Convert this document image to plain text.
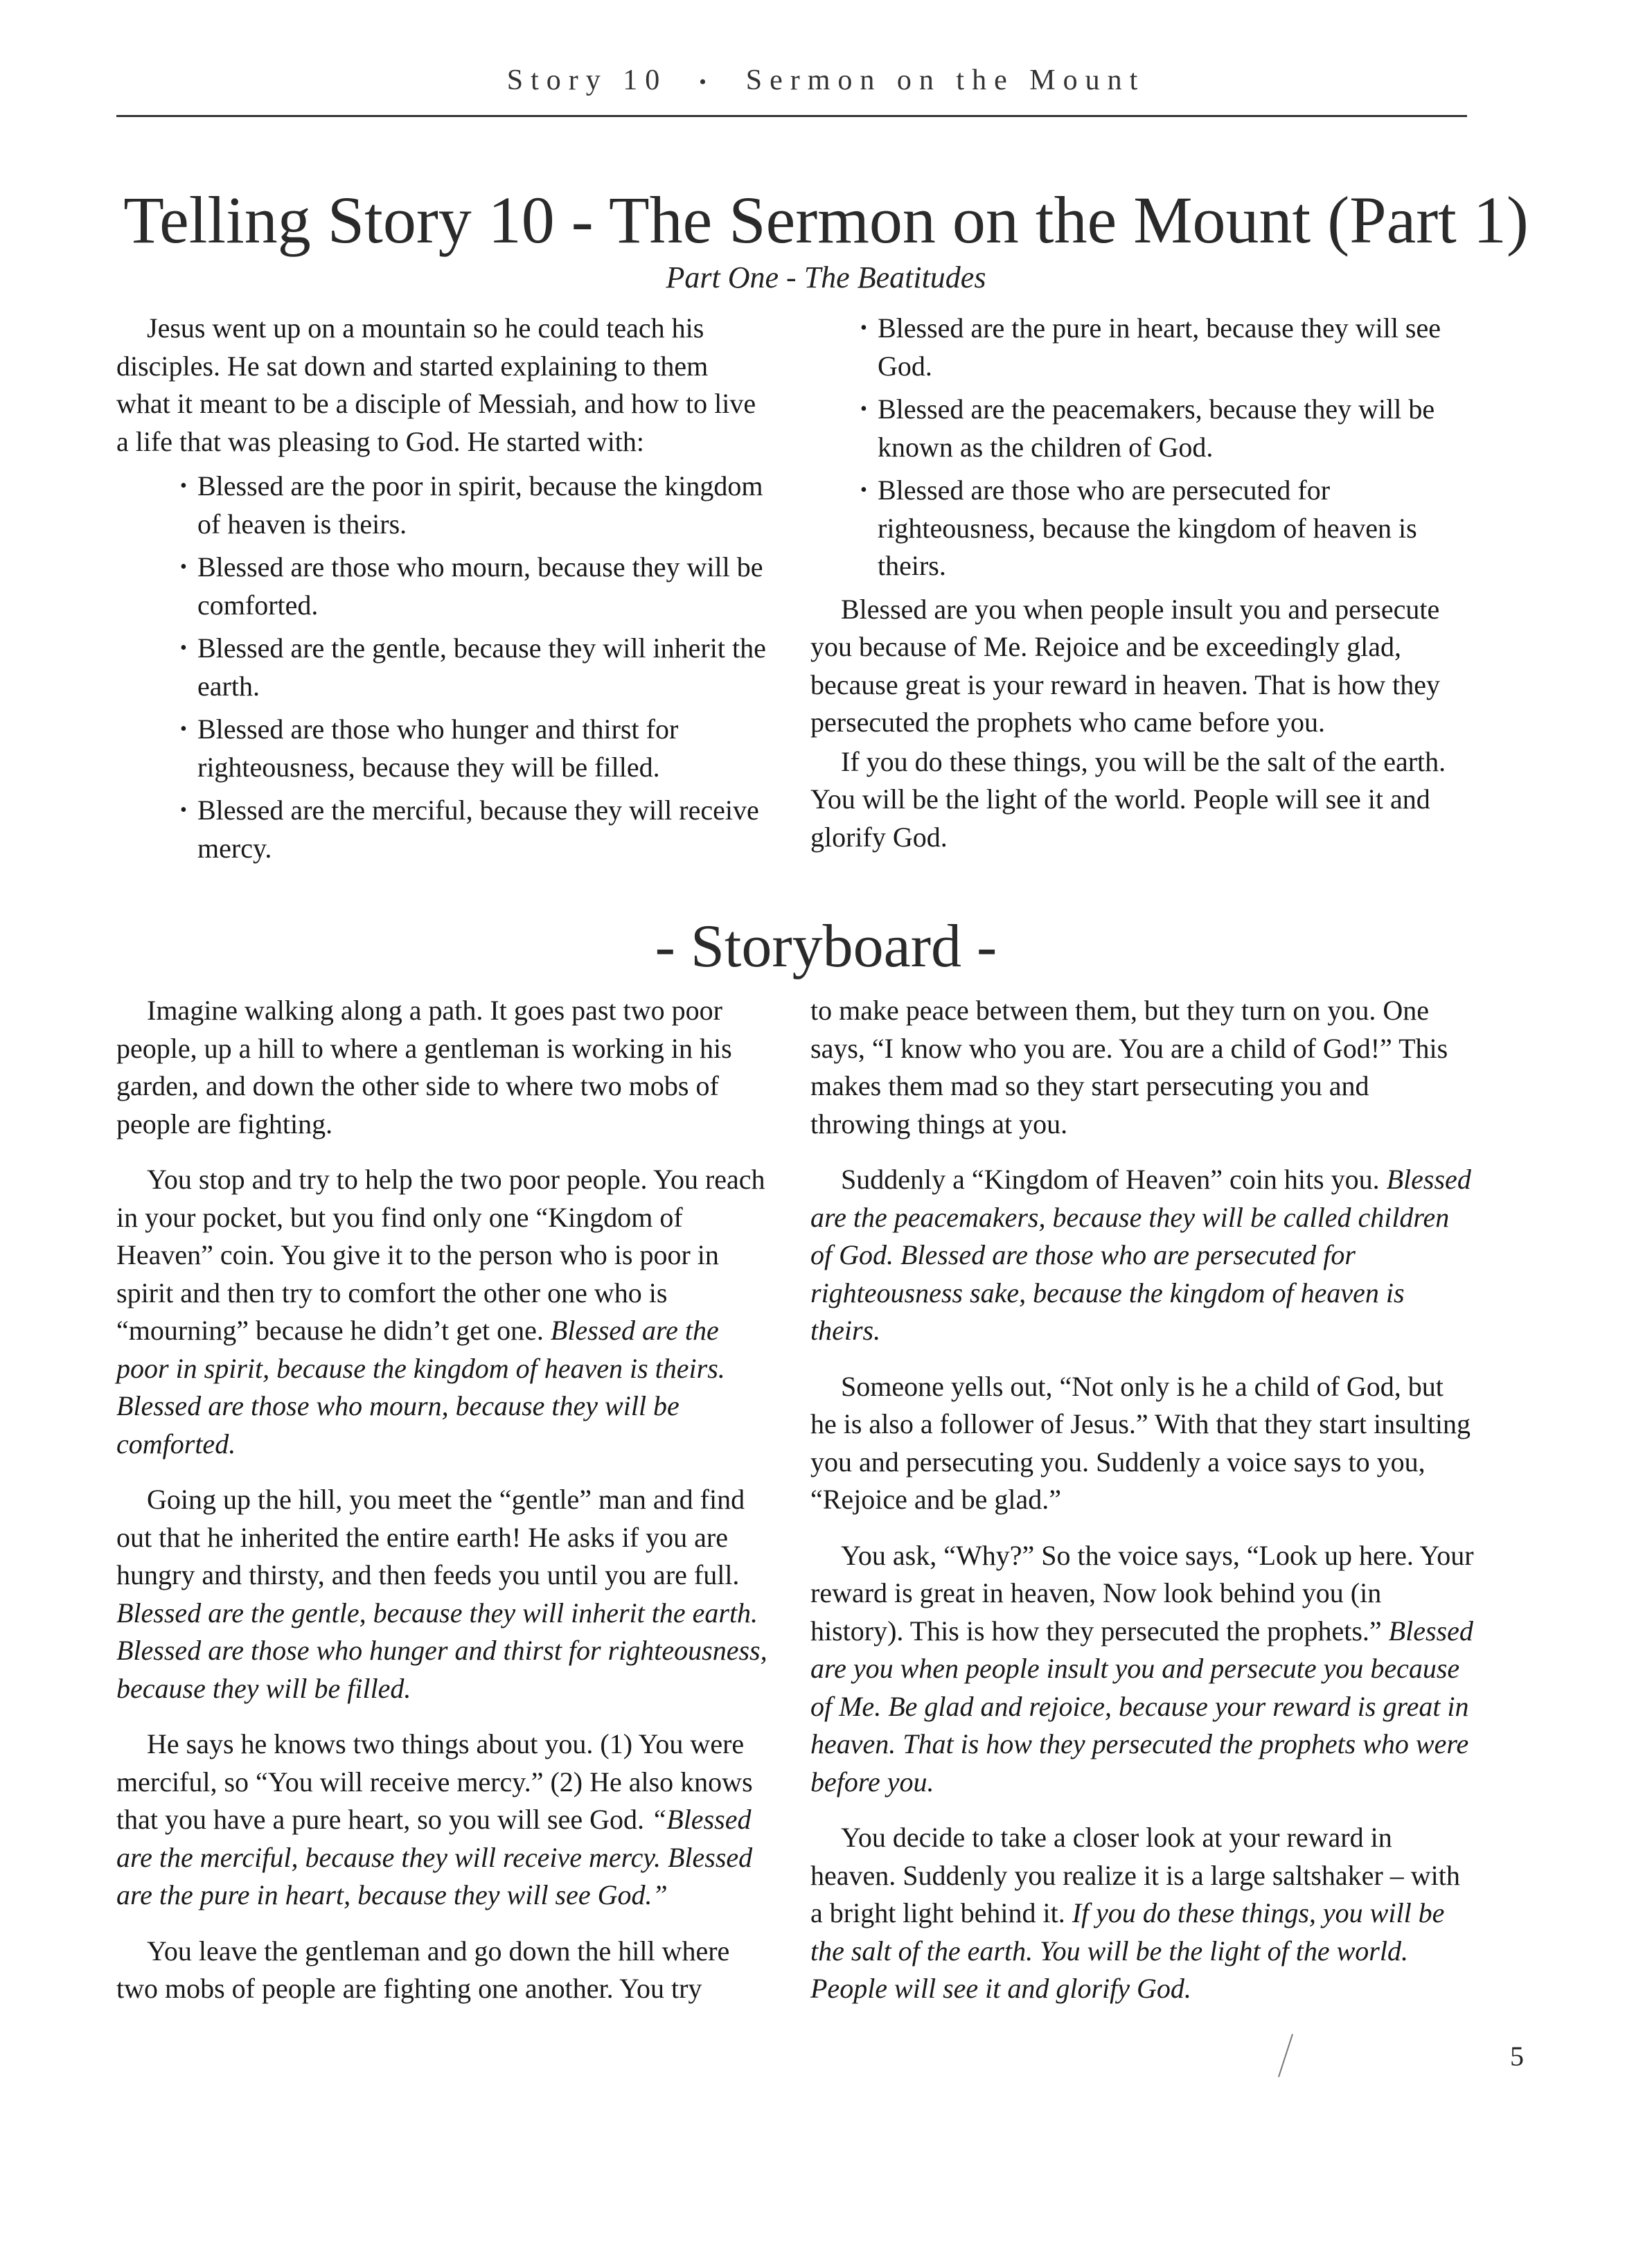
Story 10 • Sermon on the Mount
Telling Story 10 - The Sermon on the Mount (Part 1)
Part One - The Beatitudes

Jesus went up on a mountain so he could teach his disciples. He sat down and started explaining to them what it meant to be a disciple of Messiah, and how to live a life that was pleasing to God. He started with:

• Blessed are the poor in spirit, because the kingdom of heaven is theirs.
• Blessed are those who mourn, because they will be comforted.
• Blessed are the gentle, because they will inherit the earth.
• Blessed are those who hunger and thirst for righteousness, because they will be filled.
• Blessed are the merciful, because they will receive mercy.
• Blessed are the pure in heart, because they will see God.
• Blessed are the peacemakers, because they will be known as the children of God.
• Blessed are those who are persecuted for righteousness, because the kingdom of heaven is theirs.

Blessed are you when people insult you and persecute you because of Me. Rejoice and be exceedingly glad, because great is your reward in heaven. That is how they persecuted the prophets who came before you.

If you do these things, you will be the salt of the earth. You will be the light of the world. People will see it and glorify God.

- Storyboard -

Imagine walking along a path. It goes past two poor people, up a hill to where a gentleman is working in his garden, and down the other side to where two mobs of people are fighting.

You stop and try to help the two poor people. You reach in your pocket, but you find only one “Kingdom of Heaven” coin. You give it to the person who is poor in spirit and then try to comfort the other one who is “mourning” because he didn’t get one. Blessed are the poor in spirit, because the kingdom of heaven is theirs. Blessed are those who mourn, because they will be comforted.

Going up the hill, you meet the “gentle” man and find out that he inherited the entire earth! He asks if you are hungry and thirsty, and then feeds you until you are full. Blessed are the gentle, because they will inherit the earth. Blessed are those who hunger and thirst for righteousness, because they will be filled.

He says he knows two things about you. (1) You were merciful, so “You will receive mercy.” (2) He also knows that you have a pure heart, so you will see God. “Blessed are the merciful, because they will receive mercy. Blessed are the pure in heart, because they will see God.”

You leave the gentleman and go down the hill where two mobs of people are fighting one another. You try

to make peace between them, but they turn on you. One says, “I know who you are. You are a child of God!” This makes them mad so they start persecuting you and throwing things at you.

Suddenly a “Kingdom of Heaven” coin hits you. Blessed are the peacemakers, because they will be called children of God. Blessed are those who are persecuted for righteousness sake, because the kingdom of heaven is theirs.

Someone yells out, “Not only is he a child of God, but he is also a follower of Jesus.” With that they start insulting you and persecuting you. Suddenly a voice says to you, “Rejoice and be glad.”

You ask, “Why?” So the voice says, “Look up here. Your reward is great in heaven, Now look behind you (in history). This is how they persecuted the prophets.” Blessed are you when people insult you and persecute you because of Me. Be glad and rejoice, because your reward is great in heaven. That is how they persecuted the prophets who were before you.

You decide to take a closer look at your reward in heaven. Suddenly you realize it is a large saltshaker – with a bright light behind it. If you do these things, you will be the salt of the earth. You will be the light of the world. People will see it and glorify God.

5
